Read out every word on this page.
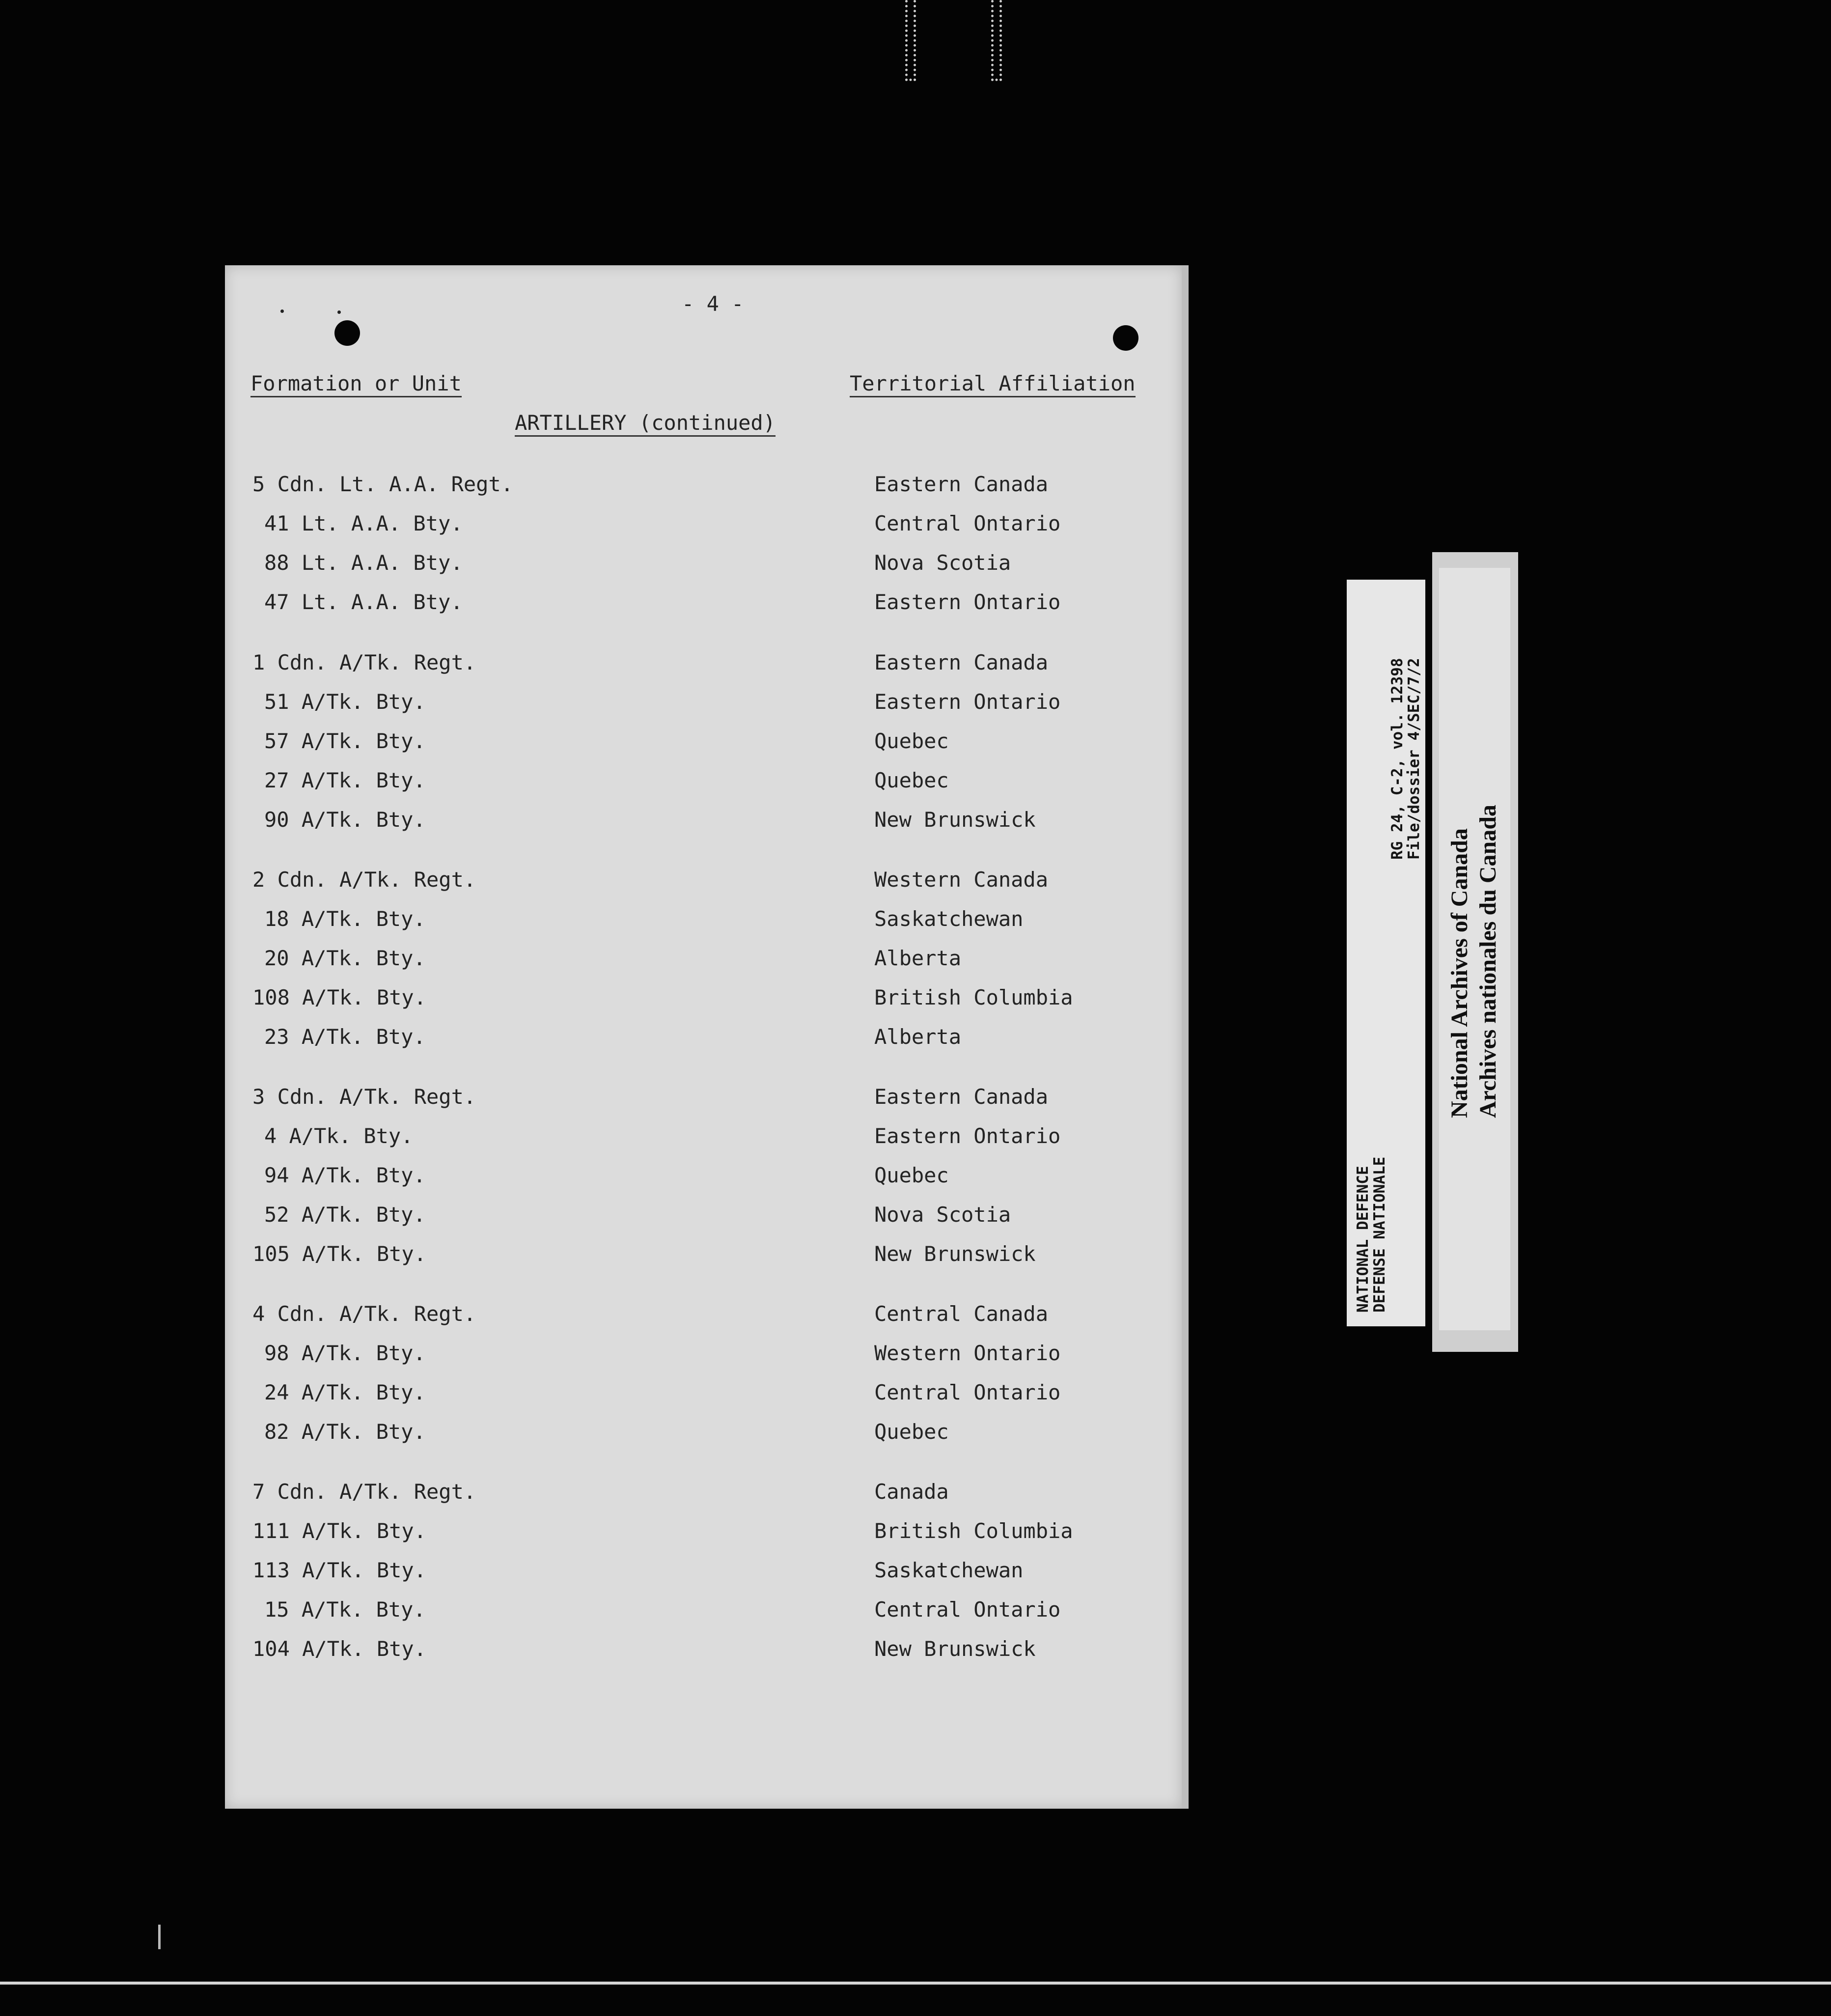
- 4 -
Formation or Unit	Territorial Affiliation
ARTILLERY (continued)
5 Cdn. Lt. A.A. Regt.	Eastern Canada
41 Lt. A.A. Bty.	Central Ontario
88 Lt. A.A. Bty.	Nova Scotia
47 Lt. A.A. Bty.	Eastern Ontario
1 Cdn. A/Tk. Regt.	Eastern Canada
51 A/Tk. Bty.	Eastern Ontario
57 A/Tk. Bty.	Quebec
27 A/Tk. Bty.	Quebec
90 A/Tk. Bty.	New Brunswick
2 Cdn. A/Tk. Regt.	Western Canada
18 A/Tk. Bty.	Saskatchewan
20 A/Tk. Bty.	Alberta
108 A/Tk. Bty.	British Columbia
23 A/Tk. Bty.	Alberta
3 Cdn. A/Tk. Regt.	Eastern Canada
4 A/Tk. Bty.	Eastern Ontario
94 A/Tk. Bty.	Quebec
52 A/Tk. Bty.	Nova Scotia
105 A/Tk. Bty.	New Brunswick
4 Cdn. A/Tk. Regt.	Central Canada
98 A/Tk. Bty.	Western Ontario
24 A/Tk. Bty.	Central Ontario
82 A/Tk. Bty.	Quebec
7 Cdn. A/Tk. Regt.	Canada
111 A/Tk. Bty.	British Columbia
113 A/Tk. Bty.	Saskatchewan
15 A/Tk. Bty.	Central Ontario
104 A/Tk. Bty.	New Brunswick
NATIONAL DEFENCE
DEFENSE NATIONALE
RG 24, C-2, vol. 12398
File/dossier 4/SEC/7/2
National Archives of Canada Archives nationales du Canada
